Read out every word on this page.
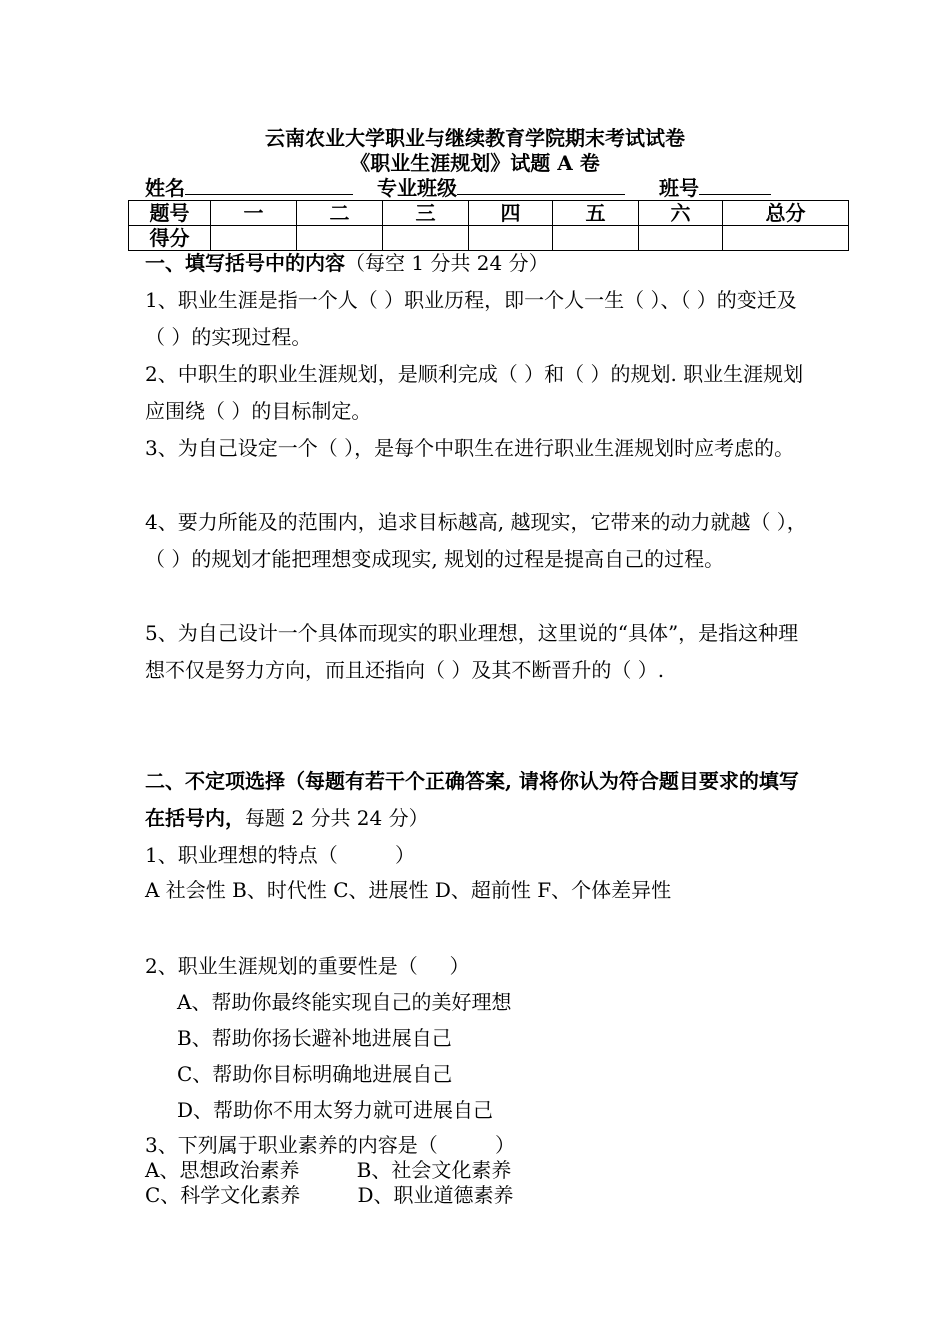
云南农业大学职业与继续教育学院期末考试试卷
《职业生涯规划》试题 A 卷
姓名	专业班级	班号
题号	一	二	三	四	五	六	总分
得分							
一、填写括号中的内容（每空 1 分共 24 分）
1、职业生涯是指一个人（ ）职业历程，即一个人一生（ ）、（ ）的变迁及（ ）的实现过程。
2、中职生的职业生涯规划，是顺利完成（ ）和（ ）的规划. 职业生涯规划应围绕（ ）的目标制定。
3、为自己设定一个（ ），是每个中职生在进行职业生涯规划时应考虑的。
4、要力所能及的范围内，追求目标越高, 越现实，它带来的动力就越（ ），（ ）的规划才能把理想变成现实, 规划的过程是提高自己的过程。
5、为自己设计一个具体而现实的职业理想，这里说的“具体”，是指这种理想不仅是努力方向，而且还指向（ ）及其不断晋升的（ ）.
二、不定项选择（每题有若干个正确答案, 请将你认为符合题目要求的填写在括号内，每题 2 分共 24 分）
1、职业理想的特点（         ）
A 社会性 B、时代性 C、进展性 D、超前性 F、个体差异性
2、职业生涯规划的重要性是（     ）
A、帮助你最终能实现自己的美好理想
B、帮助你扬长避补地进展自己
C、帮助你目标明确地进展自己
D、帮助你不用太努力就可进展自己
3、下列属于职业素养的内容是（         ）
A、思想政治素养         B、社会文化素养
C、科学文化素养         D、职业道德素养
